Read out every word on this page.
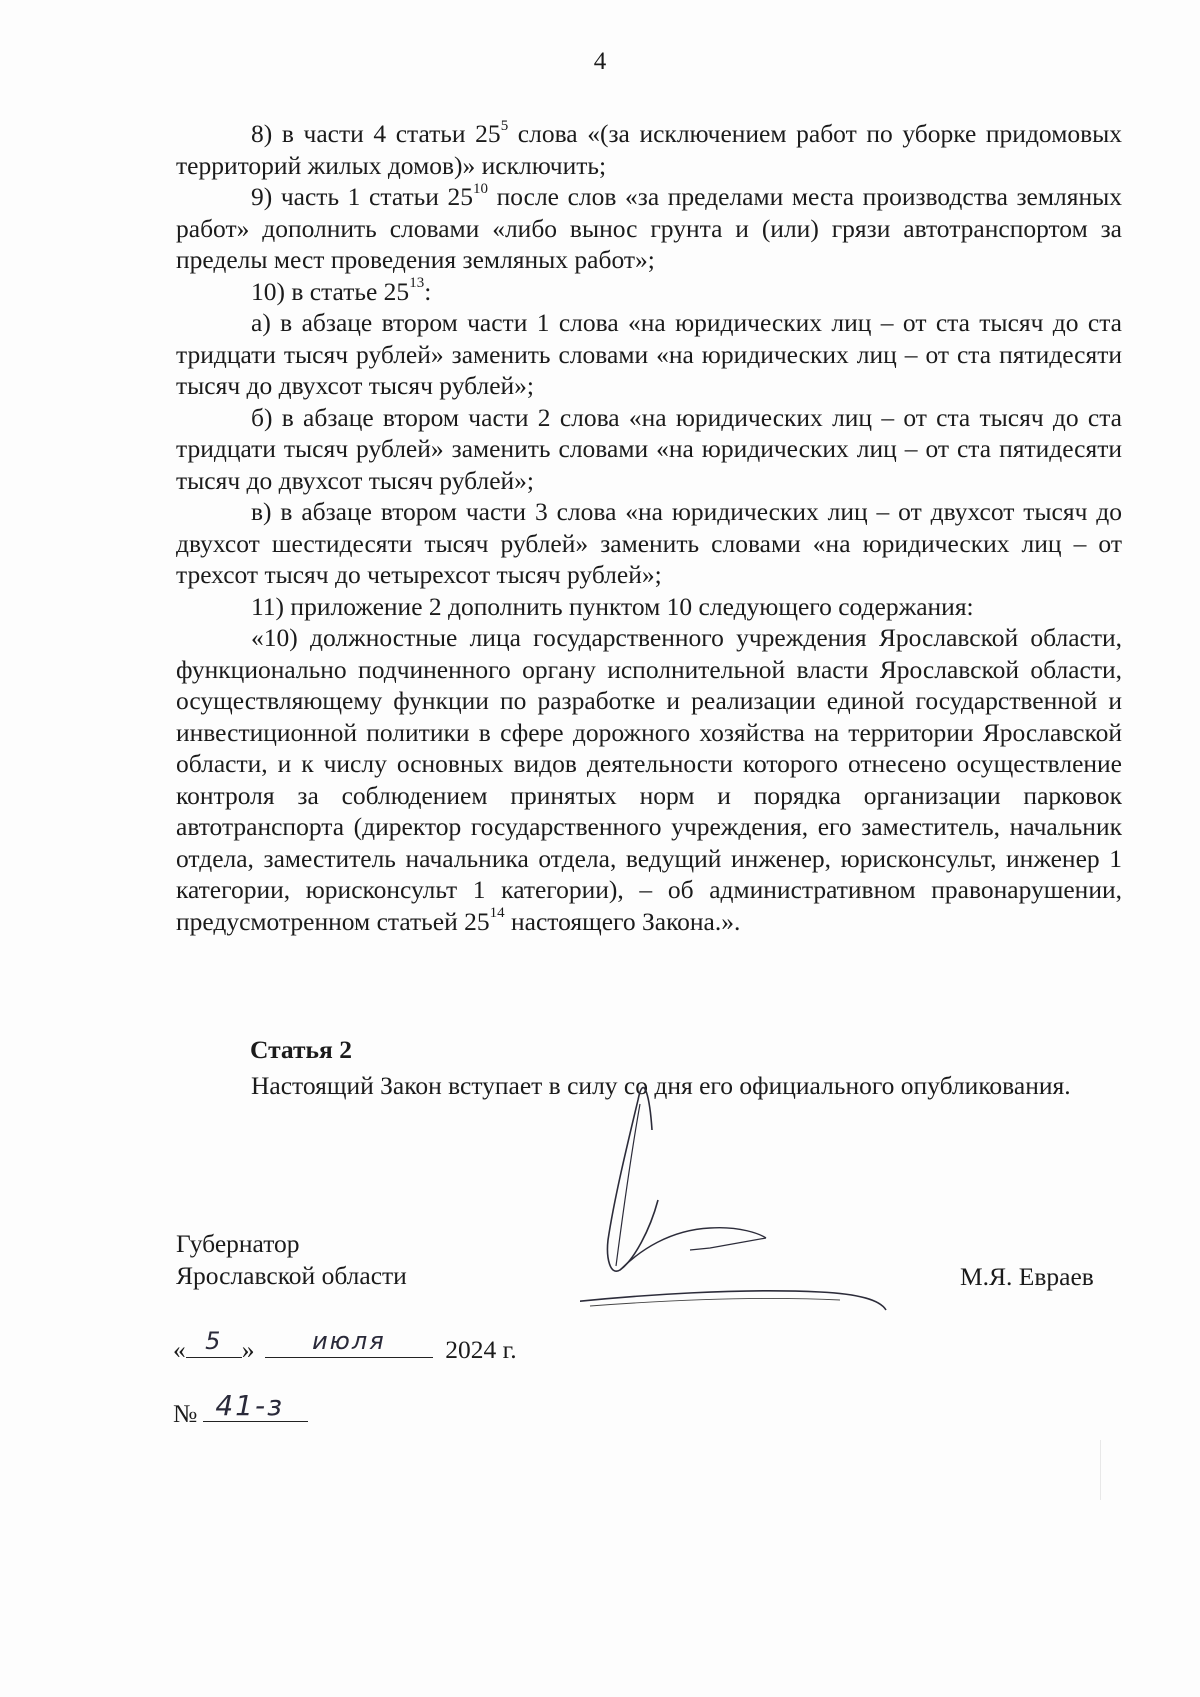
4

8) в части 4 статьи $25^5$ слова «(за исключением работ по уборке придомовых территорий жилых домов)» исключить;

9) часть 1 статьи $25^{10}$ после слов «за пределами места производства земляных работ» дополнить словами «либо вынос грунта и (или) грязи автотранспортом за пределы мест проведения земляных работ»;

10) в статье $25^{13}$:

а) в абзаце втором части 1 слова «на юридических лиц – от ста тысяч до ста тридцати тысяч рублей» заменить словами «на юридических лиц – от ста пятидесяти тысяч до двухсот тысяч рублей»;

б) в абзаце втором части 2 слова «на юридических лиц – от ста тысяч до ста тридцати тысяч рублей» заменить словами «на юридических лиц – от ста пятидесяти тысяч до двухсот тысяч рублей»;

в) в абзаце втором части 3 слова «на юридических лиц – от двухсот тысяч до двухсот шестидесяти тысяч рублей» заменить словами «на юридических лиц – от трехсот тысяч до четырехсот тысяч рублей»;

11) приложение 2 дополнить пунктом 10 следующего содержания:

«10) должностные лица государственного учреждения Ярославской области, функционально подчиненного органу исполнительной власти Ярославской области, осуществляющему функции по разработке и реализации единой государственной и инвестиционной политики в сфере дорожного хозяйства на территории Ярославской области, и к числу основных видов деятельности которого отнесено осуществление контроля за соблюдением принятых норм и порядка организации парковок автотранспорта (директор государственного учреждения, его заместитель, начальник отдела, заместитель начальника отдела, ведущий инженер, юрисконсульт, инженер 1 категории, юрисконсульт 1 категории), – об административном правонарушении, предусмотренном статьей $25^{14}$ настоящего Закона.».

Статья 2

Настоящий Закон вступает в силу со дня его официального опубликования.

Губернатор
Ярославской области	М.Я. Евраев
« 5 »	июля	2024 г.
№ 41-з
